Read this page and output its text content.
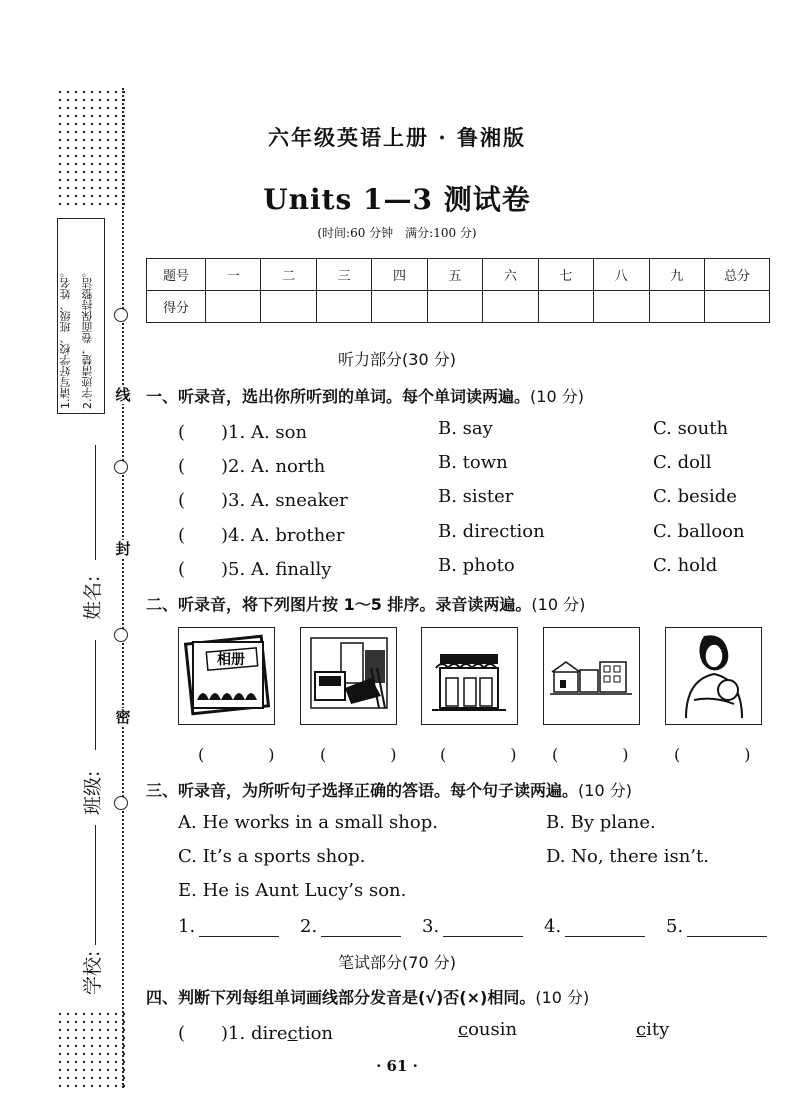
1.请写好学校、班级、姓名。 2.字迹清楚，卷面保持整洁。	线
封
密
姓名:
班级:
学校:
六年级英语上册 · 鲁湘版
Units 1—3 测试卷
(时间:60 分钟　满分:100 分)
题号	一	二	三	四	五	六	七	八	九	总分
得分										
听力部分(30 分)
一、听录音，选出你所听到的单词。每个单词读两遍。(10 分)
(　　)1. A. son	B. say	C. south
(　　)2. A. north	B. town	C. doll
(　　)3. A. sneaker	B. sister	C. beside
(　　)4. A. brother	B. direction	C. balloon
(　　)5. A. finally	B. photo	C. hold
二、听录音，将下列图片按 1～5 排序。录音读两遍。(10 分)
相册
(　) (　) (　) (　) (　)
三、听录音，为所听句子选择正确的答语。每个句子读两遍。(10 分)
A. He works in a small shop.	B. By plane.
C. It’s a sports shop.	D. No, there isn’t.
E. He is Aunt Lucy’s son.
1.	2.	3.	4.	5.
笔试部分(70 分)
四、判断下列每组单词画线部分发音是(√)否(×)相同。(10 分)
(　　)1. direction	cousin	city
· 61 ·
